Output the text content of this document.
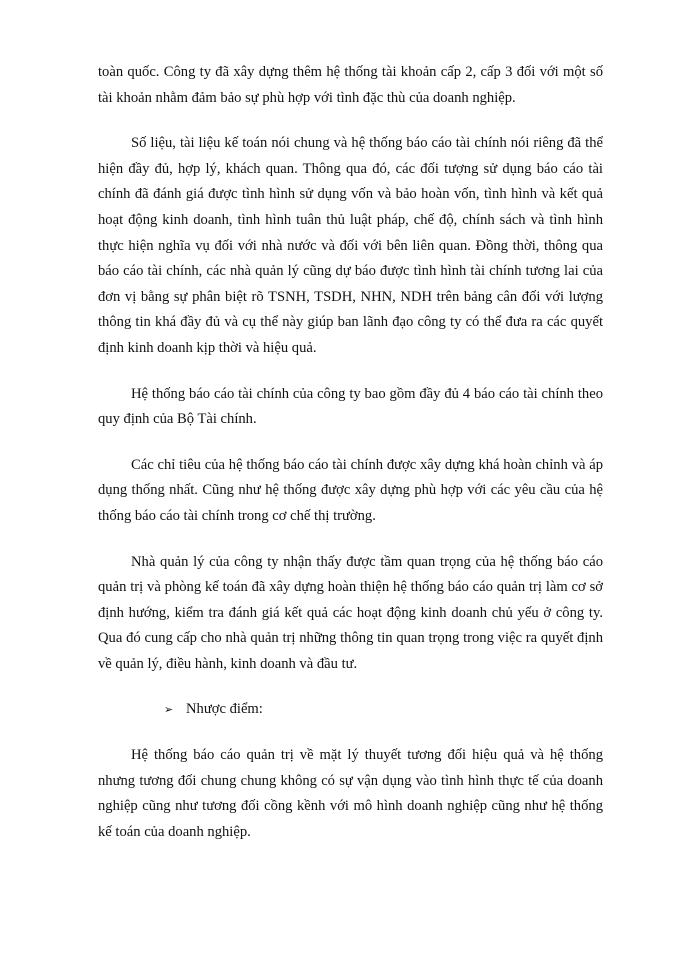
toàn quốc. Công ty đã xây dựng thêm hệ thống tài khoản cấp 2, cấp 3 đối với một số tài khoản nhằm đảm bảo sự phù hợp với tình đặc thù của doanh nghiệp.

Số liệu, tài liệu kế toán nói chung và hệ thống báo cáo tài chính nói riêng đã thể hiện đầy đủ, hợp lý, khách quan. Thông qua đó, các đối tượng sử dụng báo cáo tài chính đã đánh giá được tình hình sử dụng vốn và bảo hoàn vốn, tình hình và kết quả hoạt động kinh doanh, tình hình tuân thủ luật pháp, chế độ, chính sách và tình hình thực hiện nghĩa vụ đối với nhà nước và đối với bên liên quan. Đồng thời, thông qua báo cáo tài chính, các nhà quản lý cũng dự báo được tình hình tài chính tương lai của đơn vị bằng sự phân biệt rõ TSNH, TSDH, NHN, NDH trên bảng cân đối với lượng thông tin khá đầy đủ và cụ thể này giúp ban lãnh đạo công ty có thể đưa ra các quyết định kinh doanh kịp thời và hiệu quả.

Hệ thống báo cáo tài chính của công ty bao gồm đầy đủ 4 báo cáo tài chính theo quy định của Bộ Tài chính.

Các chỉ tiêu của hệ thống báo cáo tài chính được xây dựng khá hoàn chỉnh và áp dụng thống nhất. Cũng như hệ thống được xây dựng phù hợp với các yêu cầu của hệ thống báo cáo tài chính trong cơ chế thị trường.

Nhà quản lý của công ty nhận thấy được tầm quan trọng của hệ thống báo cáo quản trị và phòng kế toán đã xây dựng hoàn thiện hệ thống báo cáo quản trị làm cơ sở định hướng, kiểm tra đánh giá kết quả các hoạt động kinh doanh chủ yếu ở công ty. Qua đó cung cấp cho nhà quản trị những thông tin quan trọng trong việc ra quyết định về quản lý, điều hành, kinh doanh và đầu tư.

➢ Nhược điểm:

Hệ thống báo cáo quản trị về mặt lý thuyết tương đối hiệu quả và hệ thống nhưng tương đối chung chung không có sự vận dụng vào tình hình thực tế của doanh nghiệp cũng như tương đối cồng kềnh với mô hình doanh nghiệp cũng như hệ thống kế toán của doanh nghiệp.
